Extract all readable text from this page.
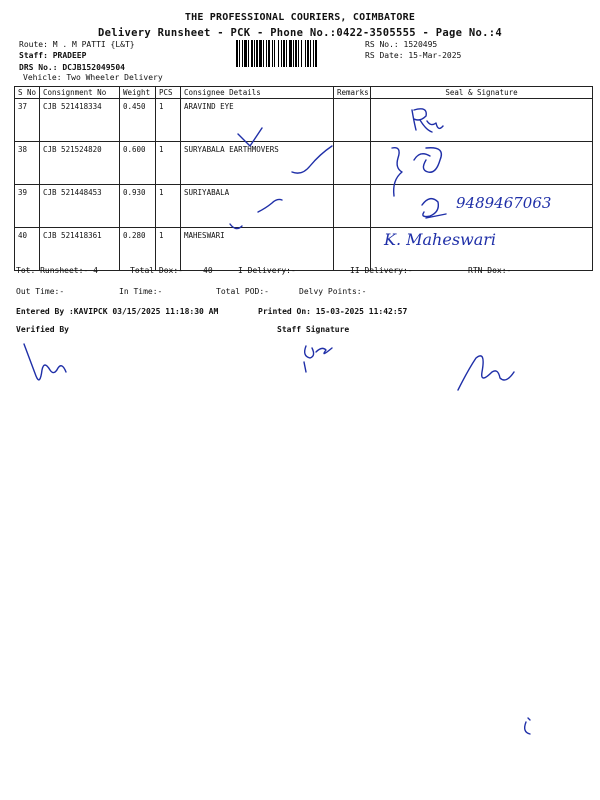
THE PROFESSIONAL COURIERS, COIMBATORE
Delivery Runsheet - PCK - Phone No.:0422-3505555 - Page No.:4
Route: M . M PATTI {L&T}
Staff: PRADEEP
DRS No.: DCJB152049504
Vehicle: Two Wheeler Delivery
RS No.: 1520495
RS Date: 15-Mar-2025
S No	Consignment No	Weight	PCS	Consignee Details	Remarks	Seal & Signature
37	CJB 521418334	0.450	1	ARAVIND EYE		
38	CJB 521524820	0.600	1	SURYABALA EARTHMOVERS		
39	CJB 521448453	0.930	1	SURIYABALA		
40	CJB 521418361	0.280	1	MAHESWARI		
Tot. Runsheet:- 4	Total Dox:-	40	I Delivery:-	II Delivery:-	RTN Dox:-
Out Time:-	In Time:-	Total POD:-	Delvy Points:-
Entered By :KAVIPCK 03/15/2025 11:18:30 AM	Printed On: 15-03-2025 11:42:57
Verified By	Staff Signature
9489467063
K. Maheswari
